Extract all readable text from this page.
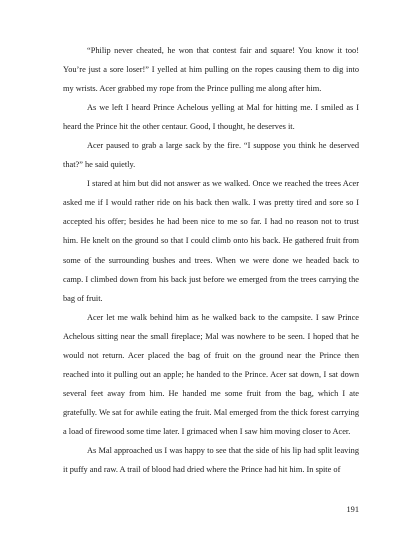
“Philip never cheated, he won that contest fair and square! You know it too! You’re just a sore loser!” I yelled at him pulling on the ropes causing them to dig into my wrists. Acer grabbed my rope from the Prince pulling me along after him.

As we left I heard Prince Achelous yelling at Mal for hitting me. I smiled as I heard the Prince hit the other centaur. Good, I thought, he deserves it.

Acer paused to grab a large sack by the fire. “I suppose you think he deserved that?” he said quietly.

I stared at him but did not answer as we walked. Once we reached the trees Acer asked me if I would rather ride on his back then walk. I was pretty tired and sore so I accepted his offer; besides he had been nice to me so far. I had no reason not to trust him. He knelt on the ground so that I could climb onto his back. He gathered fruit from some of the surrounding bushes and trees. When we were done we headed back to camp. I climbed down from his back just before we emerged from the trees carrying the bag of fruit.

Acer let me walk behind him as he walked back to the campsite. I saw Prince Achelous sitting near the small fireplace; Mal was nowhere to be seen. I hoped that he would not return. Acer placed the bag of fruit on the ground near the Prince then reached into it pulling out an apple; he handed to the Prince. Acer sat down, I sat down several feet away from him. He handed me some fruit from the bag, which I ate gratefully. We sat for awhile eating the fruit. Mal emerged from the thick forest carrying a load of firewood some time later. I grimaced when I saw him moving closer to Acer.

As Mal approached us I was happy to see that the side of his lip had split leaving it puffy and raw. A trail of blood had dried where the Prince had hit him. In spite of

191
